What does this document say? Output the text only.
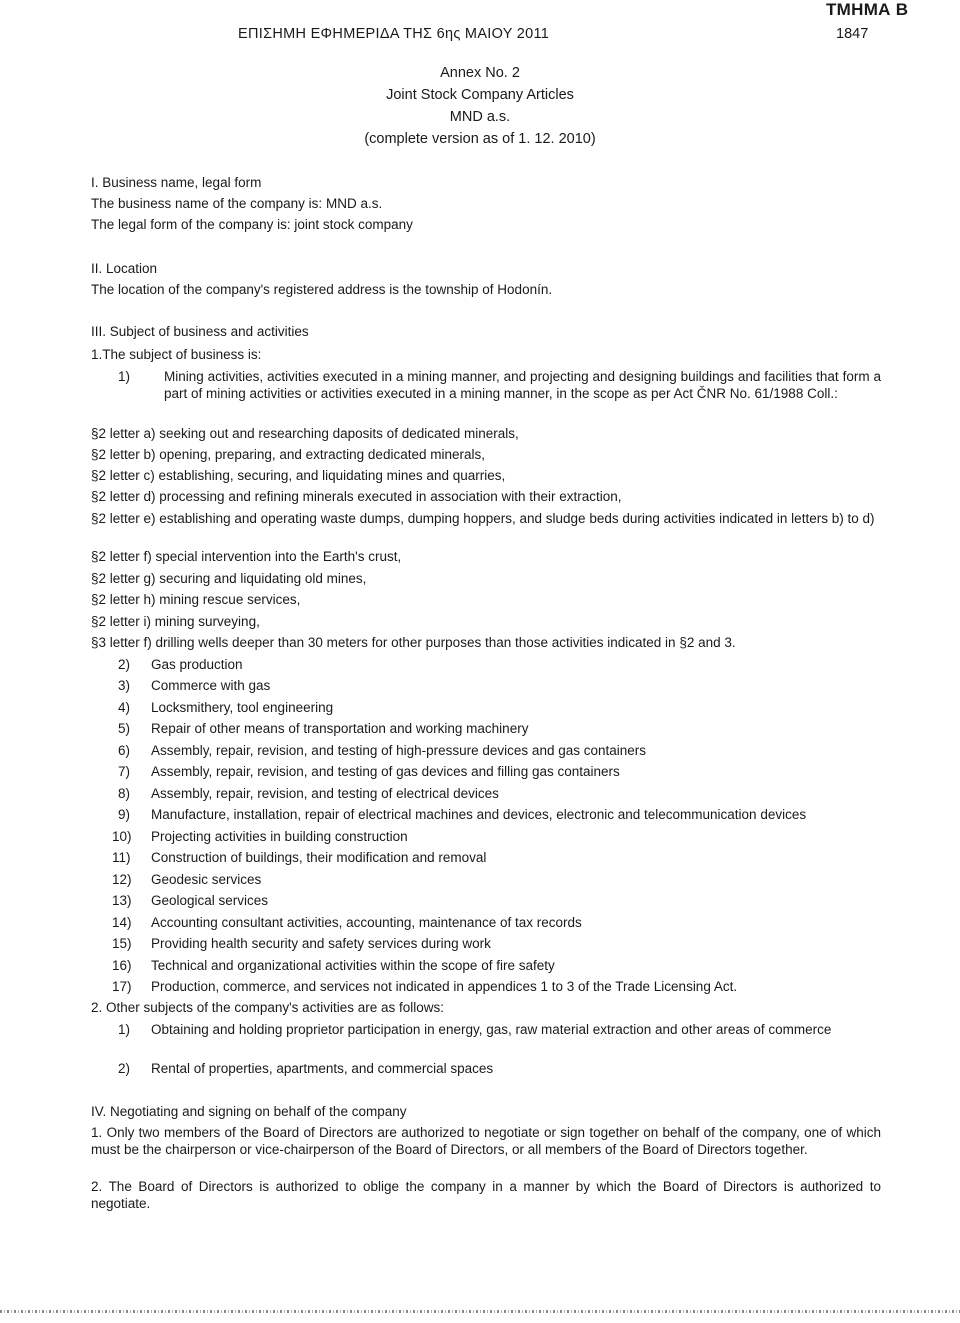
ΕΠΙΣΗΜΗ ΕΦΗΜΕΡΙΔΑ ΤΗΣ 6ης ΜΑΙΟΥ 2011	1847
ΤΜΗΜΑ Β
Annex No. 2
Joint Stock Company Articles
MND a.s.
(complete version as of 1. 12. 2010)
I. Business name, legal form
The business name of the company is: MND a.s.
The legal form of the company is: joint stock company
II. Location
The location of the company's registered address is the township of Hodonín.
III. Subject of business and activities
1.The subject of business is:
1)	Mining activities, activities executed in a mining manner, and projecting and designing buildings and facilities that form a part of mining activities or activities executed in a mining manner, in the scope as per Act ČNR No. 61/1988 Coll.:
§2 letter a) seeking out and researching daposits of dedicated minerals,
§2 letter b) opening, preparing, and extracting dedicated minerals,
§2 letter c) establishing, securing, and liquidating mines and quarries,
§2 letter d) processing and refining minerals executed in association with their extraction,
§2 letter e) establishing and operating waste dumps, dumping hoppers, and sludge beds during activities indicated in letters b) to d)
§2 letter f) special intervention into the Earth's crust,
§2 letter g) securing and liquidating old mines,
§2 letter h) mining rescue services,
§2 letter i) mining surveying,
§3 letter f) drilling wells deeper than 30 meters for other purposes than those activities indicated in §2 and 3.
2) Gas production
3) Commerce with gas
4) Locksmithery, tool engineering
5) Repair of other means of transportation and working machinery
6) Assembly, repair, revision, and testing of high-pressure devices and gas containers
7) Assembly, repair, revision, and testing of gas devices and filling gas containers
8) Assembly, repair, revision, and testing of electrical devices
9) Manufacture, installation, repair of electrical machines and devices, electronic and telecommunication devices
10) Projecting activities in building construction
11) Construction of buildings, their modification and removal
12) Geodesic services
13) Geological services
14) Accounting consultant activities, accounting, maintenance of tax records
15) Providing health security and safety services during work
16) Technical and organizational activities within the scope of fire safety
17) Production, commerce, and services not indicated in appendices 1 to 3 of the Trade Licensing Act.
2. Other subjects of the company's activities are as follows:
1) Obtaining and holding proprietor participation in energy, gas, raw material extraction and other areas of commerce
2) Rental of properties, apartments, and commercial spaces
IV. Negotiating and signing on behalf of the company
1. Only two members of the Board of Directors are authorized to negotiate or sign together on behalf of the company, one of which must be the chairperson or vice-chairperson of the Board of Directors, or all members of the Board of Directors together.
2. The Board of Directors is authorized to oblige the company in a manner by which the Board of Directors is authorized to negotiate.
